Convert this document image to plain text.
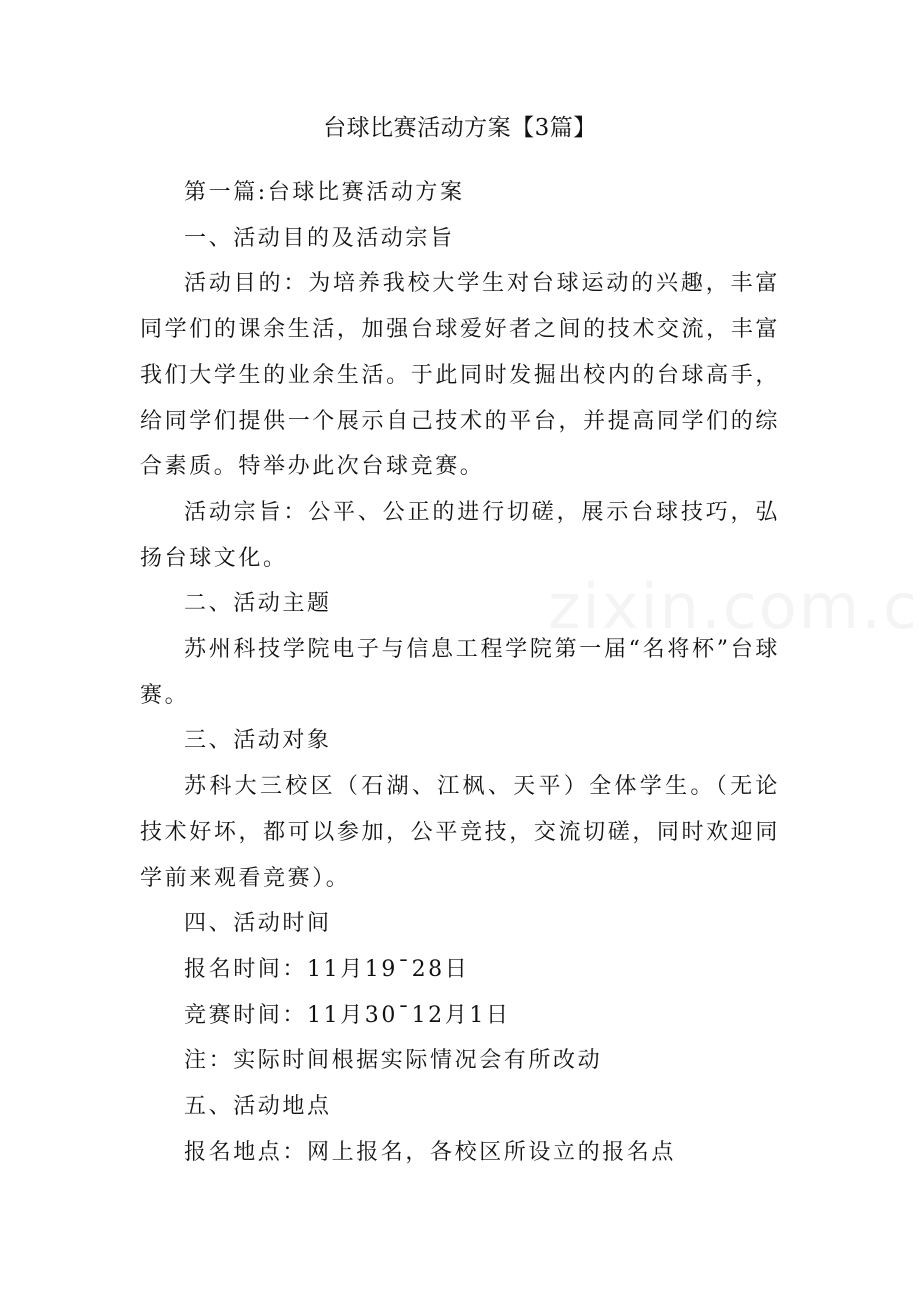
台球比赛活动方案【3篇】

第一篇:台球比赛活动方案

一、活动目的及活动宗旨

活动目的：为培养我校大学生对台球运动的兴趣，丰富同学们的课余生活，加强台球爱好者之间的技术交流，丰富我们大学生的业余生活。于此同时发掘出校内的台球高手，给同学们提供一个展示自己技术的平台，并提高同学们的综合素质。特举办此次台球竞赛。

活动宗旨：公平、公正的进行切磋，展示台球技巧，弘扬台球文化。

二、活动主题

苏州科技学院电子与信息工程学院第一届“名将杯”台球赛。

三、活动对象

苏科大三校区（石湖、江枫、天平）全体学生。（无论技术好坏，都可以参加，公平竞技，交流切磋，同时欢迎同学前来观看竞赛）。

四、活动时间

报名时间：11月19¯28日

竞赛时间：11月30¯12月1日

注：实际时间根据实际情况会有所改动

五、活动地点

报名地点：网上报名，各校区所设立的报名点
